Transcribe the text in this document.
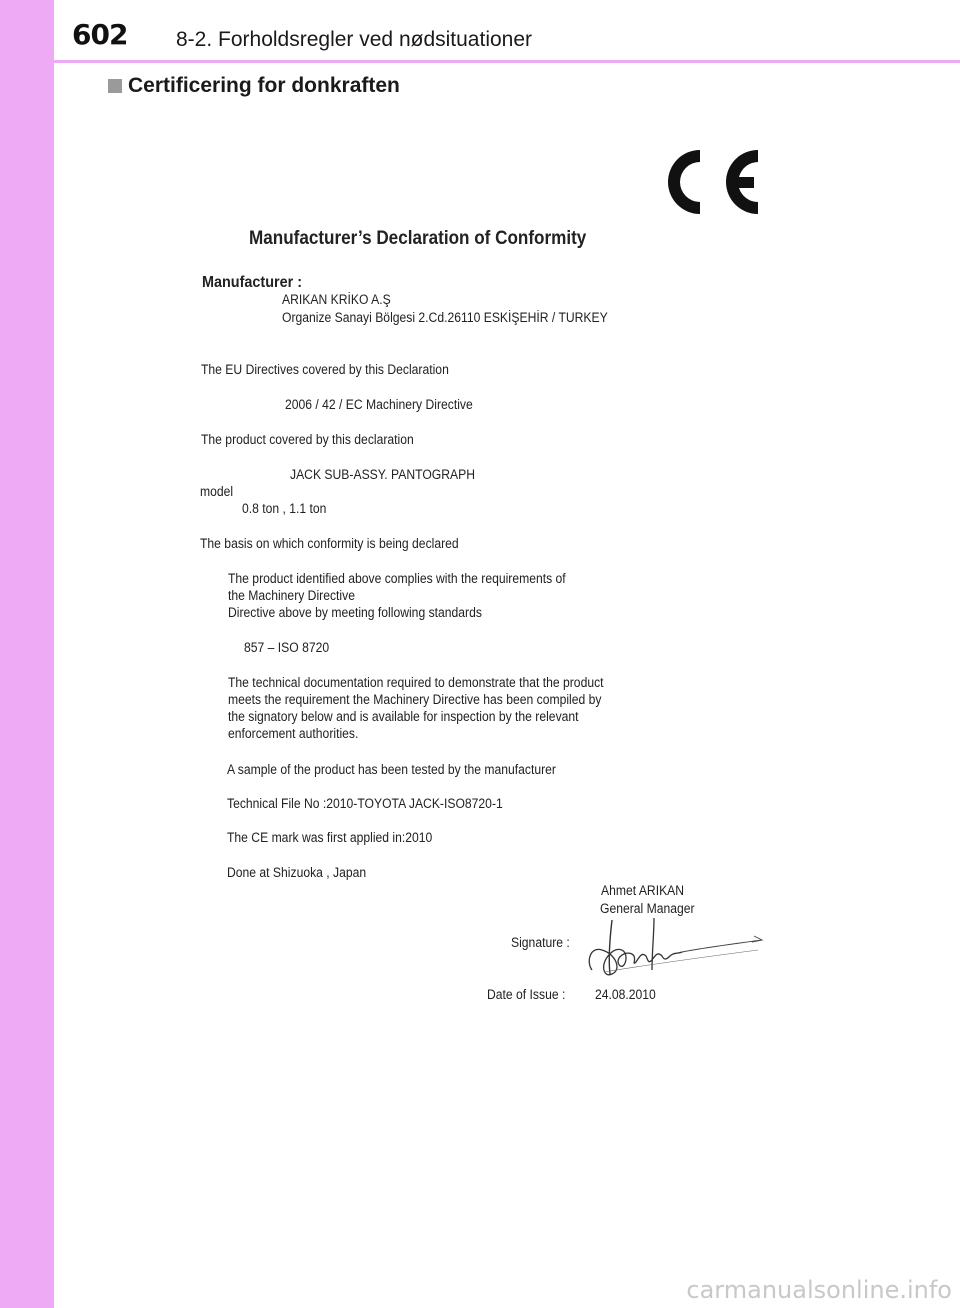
602 8-2. Forholdsregler ved nødsituationer
Certificering for donkraften
Manufacturer’s Declaration of Conformity
Manufacturer :
ARIKAN KRİKO A.Ş
Organize Sanayi Bölgesi 2.Cd.26110 ESKİŞEHİR / TURKEY
The EU Directives covered by this Declaration
2006 / 42 / EC Machinery Directive
The product covered by this declaration
JACK SUB-ASSY. PANTOGRAPH
model
0.8 ton , 1.1 ton
The basis on which conformity is being declared
The product identified above complies with the requirements of
the Machinery Directive
Directive above by meeting following standards
857 – ISO 8720
The technical documentation required to demonstrate that the product
meets the requirement the Machinery Directive has been compiled by
the signatory below and is available for inspection by the relevant
enforcement authorities.
A sample of the product has been tested by the manufacturer
Technical File No :2010-TOYOTA JACK-ISO8720-1
The CE mark was first applied in:2010
Done at Shizuoka , Japan
Ahmet ARIKAN
General Manager
Signature :
Date of Issue : 24.08.2010
carmanualsonline.info
